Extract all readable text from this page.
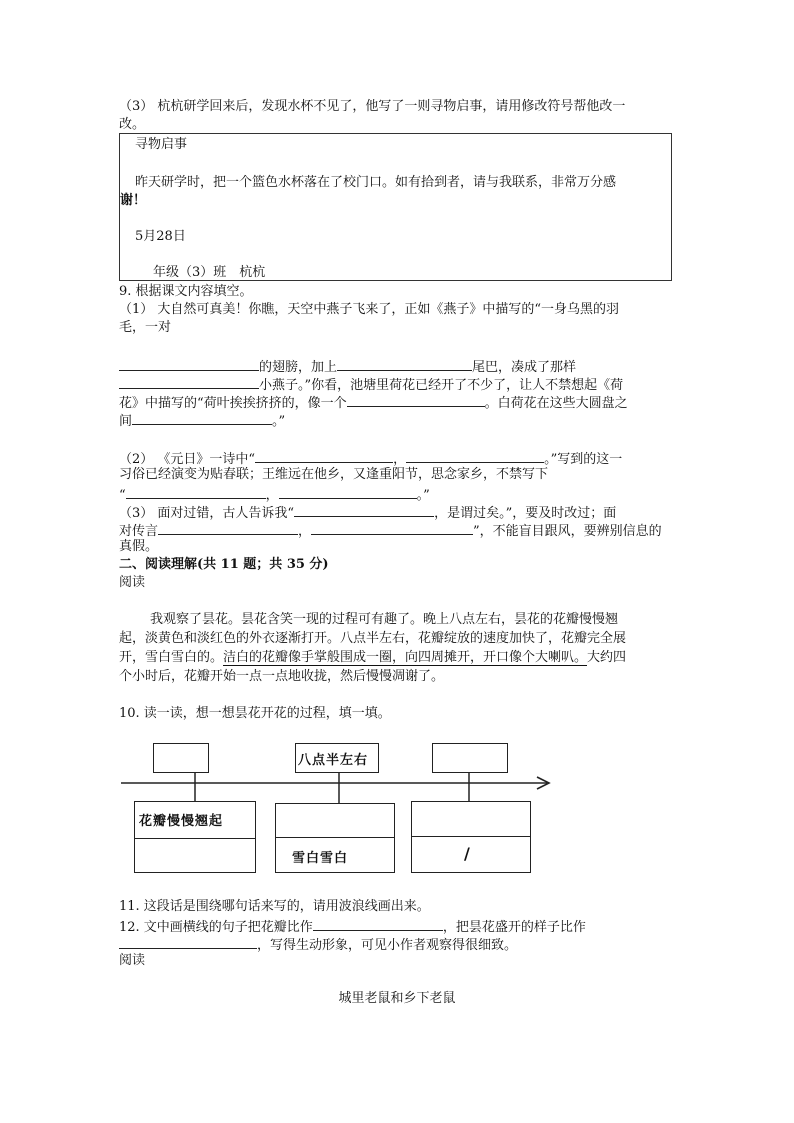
（3） 杭杭研学回来后，发现水杯不见了，他写了一则寻物启事，请用修改符号帮他改一
改。
寻物启事
昨天研学时，把一个篮色水杯落在了校门口。如有拾到者，请与我联系，非常万分感
谢！
5月28日
年级（3）班　杭杭
9. 根据课文内容填空。
（1） 大自然可真美！你瞧，天空中燕子飞来了，正如《燕子》中描写的“一身乌黑的羽
毛，一对
的翅膀，加上	尾巴，凑成了那样
小燕子。”你看，池塘里荷花已经开了不少了，让人不禁想起《荷
花》中描写的“荷叶挨挨挤挤的，像一个	。白荷花在这些大圆盘之
间	。”
（2） 《元日》一诗中“	，	。”写到的这一
习俗已经演变为贴春联；王维远在他乡，又逢重阳节，思念家乡，不禁写下
“	，	。”
（3） 面对过错，古人告诉我“	，是谓过矣。”，要及时改过；面
对传言	，	”，不能盲目跟风，要辨别信息的
真假。
二、阅读理解(共 11 题；共 35 分)
阅读
我观察了昙花。昙花含笑一现的过程可有趣了。晚上八点左右，昙花的花瓣慢慢翘
起，淡黄色和淡红色的外衣逐渐打开。八点半左右，花瓣绽放的速度加快了，花瓣完全展
开，雪白雪白的。洁白的花瓣像手掌般围成一圈，向四周摊开，开口像个大喇叭。大约四
个小时后，花瓣开始一点一点地收拢，然后慢慢凋谢了。
10. 读一读，想一想昙花开花的过程，填一填。
八点半左右
花瓣慢慢翘起
雪白雪白	/
11. 这段话是围绕哪句话来写的，请用波浪线画出来。
12. 文中画横线的句子把花瓣比作	，把昙花盛开的样子比作
，写得生动形象，可见小作者观察得很细致。
阅读
城里老鼠和乡下老鼠
